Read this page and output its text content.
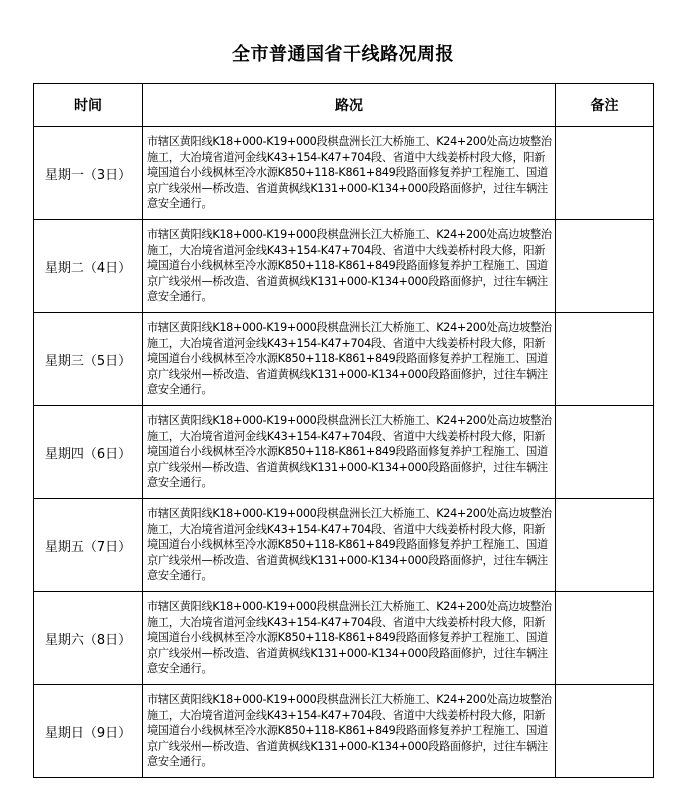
全市普通国省干线路况周报
时间	路况	备注
星期一（3日）	市辖区黄阳线K18+000-K19+000段棋盘洲长江大桥施工、K24+200处高边坡整治施工，大冶境省道河金线K43+154-K47+704段、省道中大线姜桥村段大修，阳新境国道台小线枫林至冷水源K850+118-K861+849段路面修复养护工程施工、国道京广线泶州—桥改造、省道黄枫线K131+000-K134+000段路面修护，过往车辆注意安全通行。	
星期二（4日）	市辖区黄阳线K18+000-K19+000段棋盘洲长江大桥施工、K24+200处高边坡整治施工，大冶境省道河金线K43+154-K47+704段、省道中大线姜桥村段大修，阳新境国道台小线枫林至冷水源K850+118-K861+849段路面修复养护工程施工、国道京广线泶州—桥改造、省道黄枫线K131+000-K134+000段路面修护，过往车辆注意安全通行。	
星期三（5日）	市辖区黄阳线K18+000-K19+000段棋盘洲长江大桥施工、K24+200处高边坡整治施工，大冶境省道河金线K43+154-K47+704段、省道中大线姜桥村段大修，阳新境国道台小线枫林至冷水源K850+118-K861+849段路面修复养护工程施工、国道京广线泶州—桥改造、省道黄枫线K131+000-K134+000段路面修护，过往车辆注意安全通行。	
星期四（6日）	市辖区黄阳线K18+000-K19+000段棋盘洲长江大桥施工、K24+200处高边坡整治施工，大冶境省道河金线K43+154-K47+704段、省道中大线姜桥村段大修，阳新境国道台小线枫林至冷水源K850+118-K861+849段路面修复养护工程施工、国道京广线泶州—桥改造、省道黄枫线K131+000-K134+000段路面修护，过往车辆注意安全通行。	
星期五（7日）	市辖区黄阳线K18+000-K19+000段棋盘洲长江大桥施工、K24+200处高边坡整治施工，大冶境省道河金线K43+154-K47+704段、省道中大线姜桥村段大修，阳新境国道台小线枫林至冷水源K850+118-K861+849段路面修复养护工程施工、国道京广线泶州—桥改造、省道黄枫线K131+000-K134+000段路面修护，过往车辆注意安全通行。	
星期六（8日）	市辖区黄阳线K18+000-K19+000段棋盘洲长江大桥施工、K24+200处高边坡整治施工，大冶境省道河金线K43+154-K47+704段、省道中大线姜桥村段大修，阳新境国道台小线枫林至冷水源K850+118-K861+849段路面修复养护工程施工、国道京广线泶州—桥改造、省道黄枫线K131+000-K134+000段路面修护，过往车辆注意安全通行。	
星期日（9日）	市辖区黄阳线K18+000-K19+000段棋盘洲长江大桥施工、K24+200处高边坡整治施工，大冶境省道河金线K43+154-K47+704段、省道中大线姜桥村段大修，阳新境国道台小线枫林至冷水源K850+118-K861+849段路面修复养护工程施工、国道京广线泶州—桥改造、省道黄枫线K131+000-K134+000段路面修护，过往车辆注意安全通行。	
